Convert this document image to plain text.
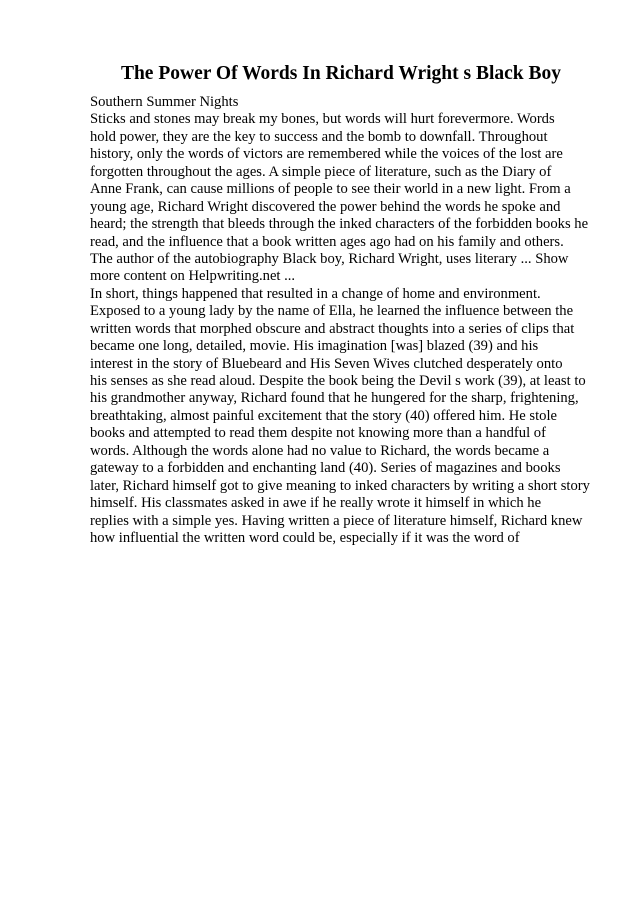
The Power Of Words In Richard Wright s Black Boy
Southern Summer Nights
Sticks and stones may break my bones, but words will hurt forevermore. Words
hold power, they are the key to success and the bomb to downfall. Throughout
history, only the words of victors are remembered while the voices of the lost are
forgotten throughout the ages. A simple piece of literature, such as the Diary of
Anne Frank, can cause millions of people to see their world in a new light. From a
young age, Richard Wright discovered the power behind the words he spoke and
heard; the strength that bleeds through the inked characters of the forbidden books he
read, and the influence that a book written ages ago had on his family and others.
The author of the autobiography Black boy, Richard Wright, uses literary ... Show
more content on Helpwriting.net ...
In short, things happened that resulted in a change of home and environment.
Exposed to a young lady by the name of Ella, he learned the influence between the
written words that morphed obscure and abstract thoughts into a series of clips that
became one long, detailed, movie. His imagination [was] blazed (39) and his
interest in the story of Bluebeard and His Seven Wives clutched desperately onto
his senses as she read aloud. Despite the book being the Devil s work (39), at least to
his grandmother anyway, Richard found that he hungered for the sharp, frightening,
breathtaking, almost painful excitement that the story (40) offered him. He stole
books and attempted to read them despite not knowing more than a handful of
words. Although the words alone had no value to Richard, the words became a
gateway to a forbidden and enchanting land (40). Series of magazines and books
later, Richard himself got to give meaning to inked characters by writing a short story
himself. His classmates asked in awe if he really wrote it himself in which he
replies with a simple yes. Having written a piece of literature himself, Richard knew
how influential the written word could be, especially if it was the word of
